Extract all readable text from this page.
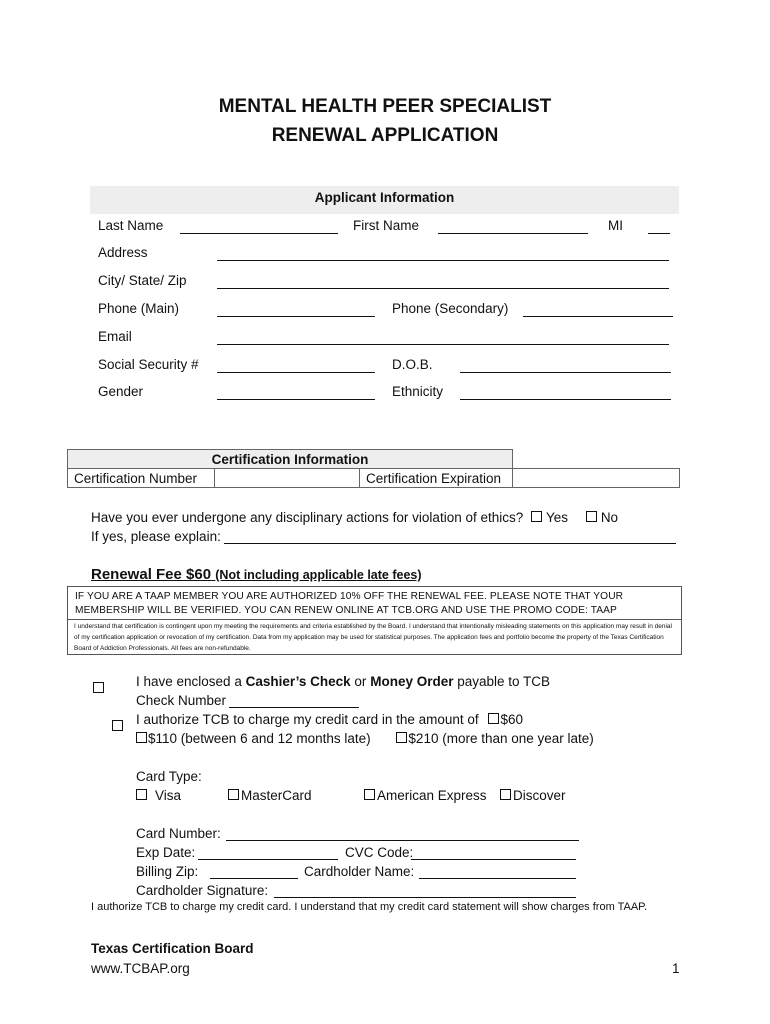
MENTAL HEALTH PEER SPECIALIST
RENEWAL APPLICATION
Applicant Information
Last Name	First Name	MI
Address
City/ State/ Zip
Phone (Main)	Phone (Secondary)
Email
Social Security #	D.O.B.
Gender	Ethnicity
Certification Information
Certification Number		Certification Expiration	
Have you ever undergone any disciplinary actions for violation of ethics? Yes No
If yes, please explain:
Renewal Fee $60 (Not including applicable late fees)
IF YOU ARE A TAAP MEMBER YOU ARE AUTHORIZED 10% OFF THE RENEWAL FEE. PLEASE NOTE THAT YOUR MEMBERSHIP WILL BE VERIFIED. YOU CAN RENEW ONLINE AT TCB.ORG AND USE THE PROMO CODE: TAAP
I understand that certification is contingent upon my meeting the requirements and criteria established by the Board. I understand that intentionally misleading statements on this application may result in denial of my certification application or revocation of my certification. Data from my application may be used for statistical purposes. The application fees and portfolio become the property of the Texas Certification Board of Addiction Professionals. All fees are non-refundable.

I have enclosed a Cashier’s Check or Money Order payable to TCB
Check Number
I authorize TCB to charge my credit card in the amount of $60
$110 (between 6 and 12 months late)	$210 (more than one year late)
Card Type:
Visa	MasterCard	American Express	Discover
Card Number:
Exp Date:	CVC Code:
Billing Zip:	Cardholder Name:
Cardholder Signature:
I authorize TCB to charge my credit card. I understand that my credit card statement will show charges from TAAP.
Texas Certification Board
www.TCBAP.org	1
